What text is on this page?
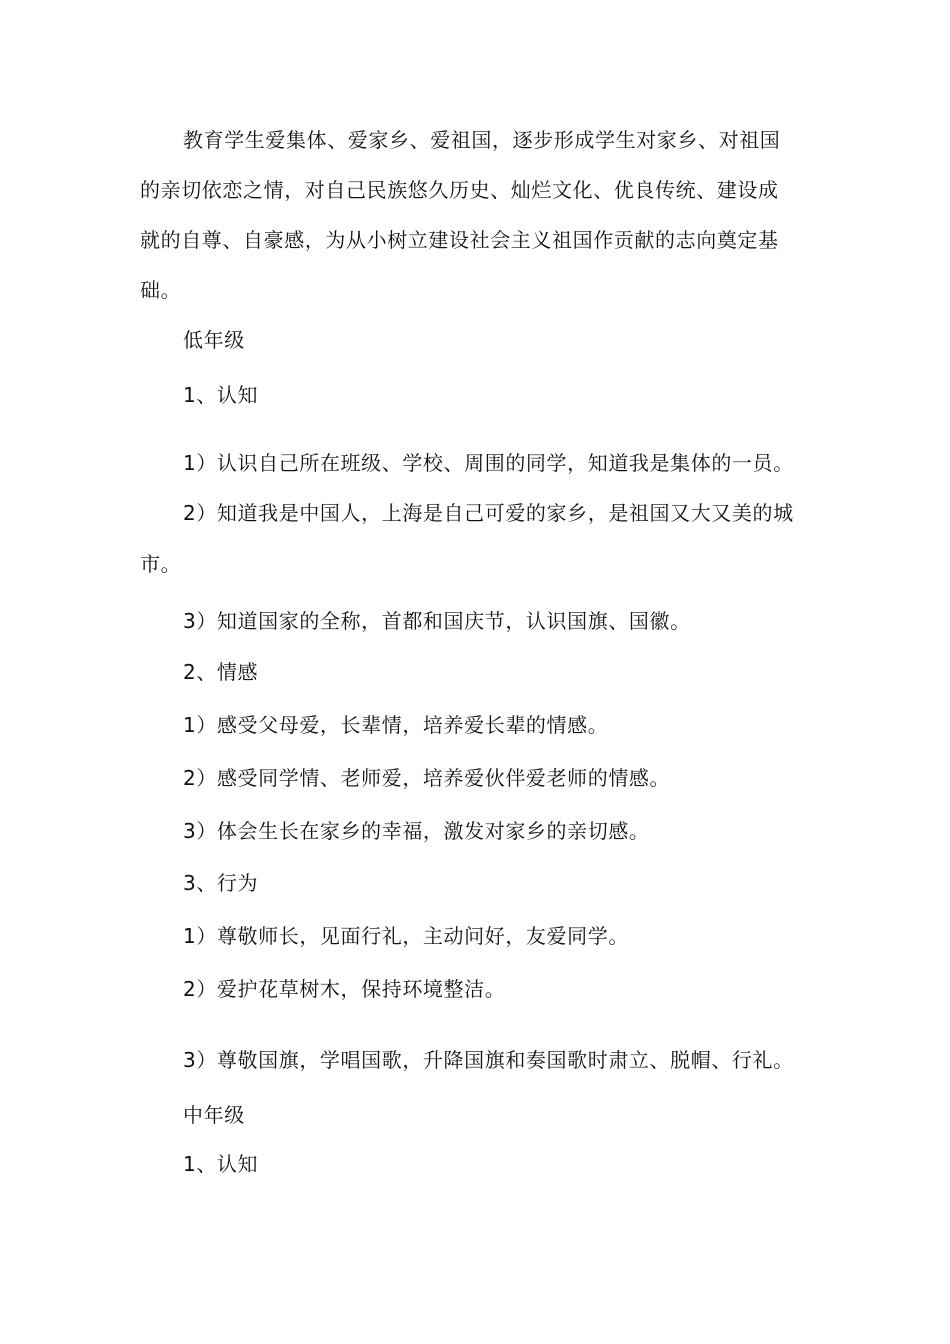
教育学生爱集体、爱家乡、爱祖国，逐步形成学生对家乡、对祖国
的亲切依恋之情，对自己民族悠久历史、灿烂文化、优良传统、建设成
就的自尊、自豪感，为从小树立建设社会主义祖国作贡献的志向奠定基
础。
低年级
1、认知
1）认识自己所在班级、学校、周围的同学，知道我是集体的一员。
2）知道我是中国人，上海是自己可爱的家乡，是祖国又大又美的城
市。
3）知道国家的全称，首都和国庆节，认识国旗、国徽。
2、情感
1）感受父母爱，长辈情，培养爱长辈的情感。
2）感受同学情、老师爱，培养爱伙伴爱老师的情感。
3）体会生长在家乡的幸福，激发对家乡的亲切感。
3、行为
1）尊敬师长，见面行礼，主动问好，友爱同学。
2）爱护花草树木，保持环境整洁。
3）尊敬国旗，学唱国歌，升降国旗和奏国歌时肃立、脱帽、行礼。
中年级
1、认知
